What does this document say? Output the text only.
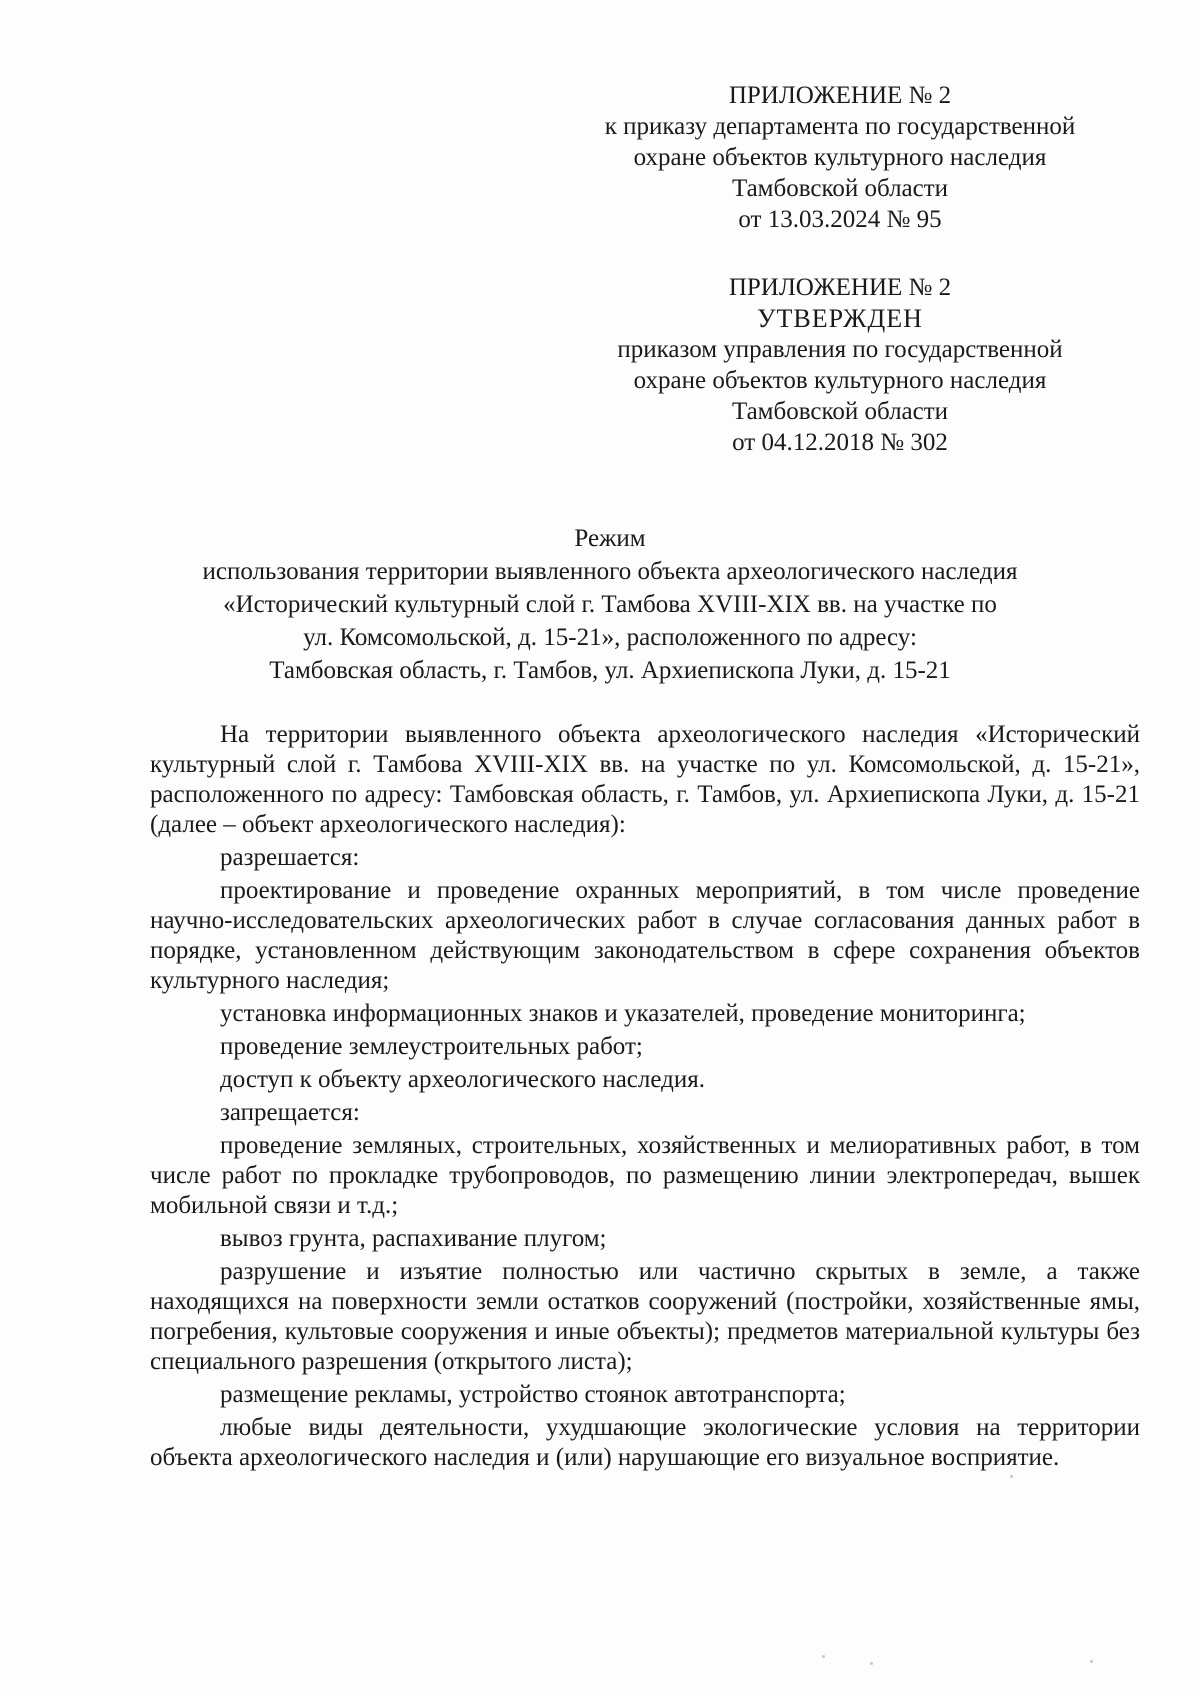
ПРИЛОЖЕНИЕ № 2
к приказу департамента по государственной
охране объектов культурного наследия
Тамбовской области
от 13.03.2024 № 95
ПРИЛОЖЕНИЕ № 2
УТВЕРЖДЕН
приказом управления по государственной
охране объектов культурного наследия
Тамбовской области
от 04.12.2018 № 302
Режим
использования территории выявленного объекта археологического наследия
«Исторический культурный слой г. Тамбова XVIII-XIX вв. на участке по
ул. Комсомольской, д. 15-21», расположенного по адресу:
Тамбовская область, г. Тамбов, ул. Архиепископа Луки, д. 15-21

На территории выявленного объекта археологического наследия «Исторический культурный слой г. Тамбова XVIII-XIX вв. на участке по ул. Комсомольской, д. 15-21», расположенного по адресу: Тамбовская область, г. Тамбов, ул. Архиепископа Луки, д. 15-21 (далее – объект археологического наследия):

разрешается:

проектирование и проведение охранных мероприятий, в том числе проведение научно-исследовательских археологических работ в случае согласования данных работ в порядке, установленном действующим законодательством в сфере сохранения объектов культурного наследия;

установка информационных знаков и указателей, проведение мониторинга;

проведение землеустроительных работ;

доступ к объекту археологического наследия.

запрещается:

проведение земляных, строительных, хозяйственных и мелиоративных работ, в том числе работ по прокладке трубопроводов, по размещению линии электропередач, вышек мобильной связи и т.д.;

вывоз грунта, распахивание плугом;

разрушение и изъятие полностью или частично скрытых в земле, а также находящихся на поверхности земли остатков сооружений (постройки, хозяйственные ямы, погребения, культовые сооружения и иные объекты); предметов материальной культуры без специального разрешения (открытого листа);

размещение рекламы, устройство стоянок автотранспорта;

любые виды деятельности, ухудшающие экологические условия на территории объекта археологического наследия и (или) нарушающие его визуальное восприятие.
